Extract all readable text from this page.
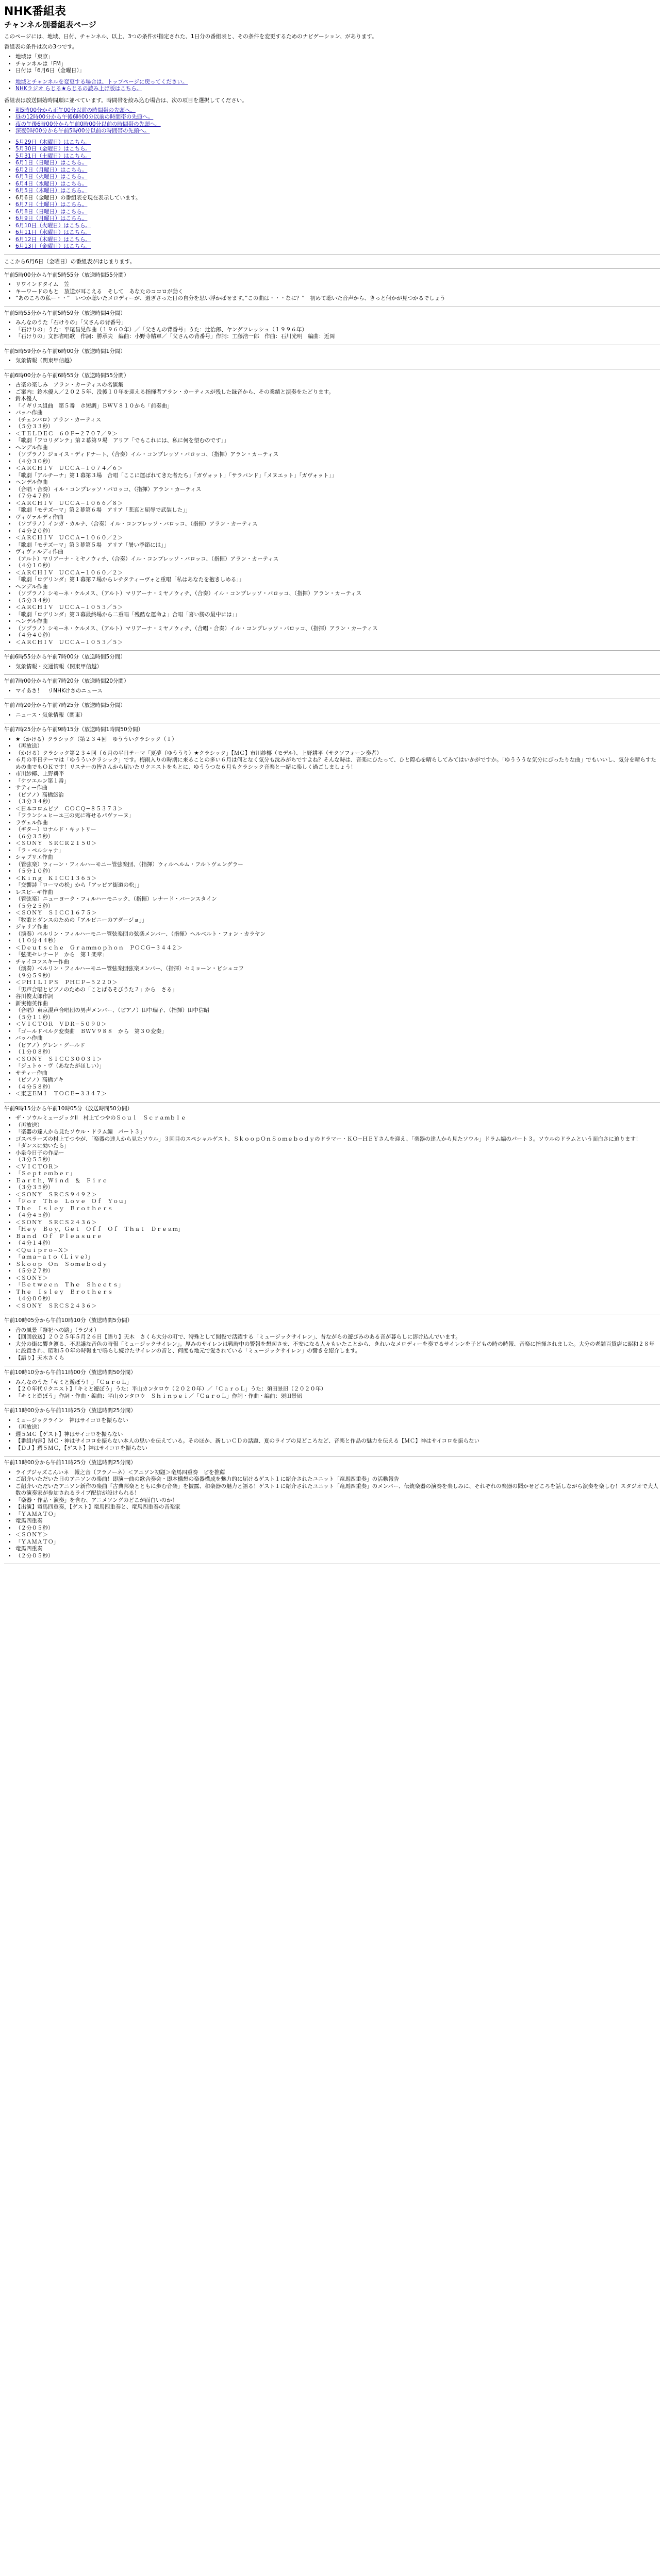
NHK番組表
チャンネル別番組表ページ

このページには、地域、日付、チャンネル、以上、3つの条件が指定された、1日分の番組表と、その条件を変更するためのナビゲーション、があります。

番組表の条件は次の3つです。

• 地域は「東京」
• チャンネルは「FM」
• 日付は「6月6日（金曜日）」
• 地域とチャンネルを変更する場合は、トップページに戻ってください。
• NHKラジオ らじる★らじるの読み上げ版はこちら。

番組表は放送開始時間順に並べています。時間帯を絞み込む場合は、次の項目を選択してください。

• 朝5時00分から正午00分以前の時間帯の先頭へ。
• 昼の12時00分から午後6時00分以前の時間帯の先頭へ。
• 夜の午後6時00分から午前0時00分以前の時間帯の先頭へ。
• 深夜0時00分から午前5時00分以前の時間帯の先頭へ。
• 5月29日（木曜日）はこちら。
• 5月30日（金曜日）はこちら。
• 5月31日（土曜日）はこちら。
• 6月1日（日曜日）はこちら。
• 6月2日（月曜日）はこちら。
• 6月3日（火曜日）はこちら。
• 6月4日（水曜日）はこちら。
• 6月5日（木曜日）はこちら。
• 6月6日（金曜日）の番組表を現在表示しています。
• 6月7日（土曜日）はこちら。
• 6月8日（日曜日）はこちら。
• 6月9日（月曜日）はこちら。
• 6月10日（火曜日）はこちら。
• 6月11日（水曜日）はこちら。
• 6月12日（木曜日）はこちら。
• 6月13日（金曜日）はこちら。

ここから6月6日（金曜日）の番組表がはじまります。

午前5時00分から午前5時55分（放送時間55分間）
• リワインドタイム　笠
• キーワードのもと　放送が耳こえる　そして　あなたのココロが動く
• “あのころの私ー・・”　いつか聴いたメロディーが、過ぎさった日の自分を思い浮かばせます。”この曲は・・・なに？”　初めて聴いた音声から、きっと何かが見つかるでしょう
午前5時55分から午前5時59分（放送時間4分間）
• みんなのうた「石けりの」「父さんの背番号」
• 「石けりの」うた：平尾昌晃作曲（１９６０年）／「父さんの背番号」うた：辻治郎、ヤングフレッシュ（１９９６年）
• 「石けりの」文部省唱歌　作詞：勝承夫　編曲：小野寺精軍／「父さんの背番号」作詞：工藤浩一郎　作曲：石川光明　編曲：近岡
午前5時59分から午前6時00分（放送時間1分間）
• 気象情報（関東甲信越）
午前6時00分から午前6時55分（放送時間55分間）
• 古楽の楽しみ　アラン・カーティスの名演集
• ご案内：鈴木優人／２０２５年、没後１０年を迎える指揮者アラン・カーティスが残した録音から、その業績と演奏をたどります。
• 鈴木優人
• 「イギリス組曲　第５番　ホ短調」ＢＷＶ８１０から「前奏曲」
• バッハ作曲
• （チェンバロ）アラン・カーティス
• （５分３３秒）
• ＜ＴＥＬＤＥＣ　６０Ｐ−２７０７／９＞
• 「歌劇「フロリダンテ」第２幕第９場　アリア「でもこれには、私に何を望むのです」」
• ヘンデル作曲
• （ソプラノ）ジョイス・ディドナート、（合奏）イル・コンプレッソ・バロッコ、（指揮）アラン・カーティス
• （４分３０秒）
• ＜ＡＲＣＨＩＶ　ＵＣＣＡ−１０７４／６＞
• 「歌劇「アルチーナ」第１幕第３場　合唱「ここに運ばれてきた者たち」「ガヴォット」「サラバンド」「メヌエット」「ガヴォット」」
• ヘンデル作曲
• （合唱・合奏）イル・コンプレッソ・バロッコ、（指揮）アラン・カーティス
• （７分４７秒）
• ＜ＡＲＣＨＩＶ　ＵＣＣＡ−１０６６／８＞
• 「歌劇「モテズーマ」第２幕第６場　アリア「悲哀と屈辱で武装した」」
• ヴィヴァルディ作曲
• （ソプラノ）インガ・カルナ、（合奏）イル・コンプレッソ・バロッコ、（指揮）アラン・カーティス
• （４分２０秒）
• ＜ＡＲＣＨＩＶ　ＵＣＣＡ−１０６０／２＞
• 「歌劇「モテズーマ」第３幕第５場　アリア「暑い季節には」」
• ヴィヴァルディ作曲
• （アルト）マリアーナ・ミヤノウィチ、（合奏）イル・コンプレッソ・バロッコ、（指揮）アラン・カーティス
• （４分１０秒）
• ＜ＡＲＣＨＩＶ　ＵＣＣＡ−１０６０／２＞
• 「歌劇「ロデリンダ」第１幕第７場からレチタティーヴォと重唱「私はあなたを抱きしめる」」
• ヘンデル作曲
• （ソプラノ）シモーネ・ケルメス、（アルト）マリアーナ・ミヤノウィチ、（合奏）イル・コンプレッソ・バロッコ、（指揮）アラン・カーティス
• （５分３４秒）
• ＜ＡＲＣＨＩＶ　ＵＣＣＡ−１０５３／５＞
• 「歌劇「ロデリンダ」第３幕最終場から二重唱「残酷な運命よ」合唱「喜い勝の最中には」」
• ヘンデル作曲
• （ソプラノ）シモーネ・ケルメス、（アルト）マリアーナ・ミヤノウィチ、（合唱・合奏）イル・コンプレッソ・バロッコ、（指揮）アラン・カーティス
• （４分４０秒）
• ＜ＡＲＣＨＩＶ　ＵＣＣＡ−１０５３／５＞
午前6時55分から午前7時00分（放送時間5分間）
• 気象情報・交通情報（関東甲信越）
午前7時00分から午前7時20分（放送時間20分間）
• マイあさ！　リNHKけさのニュース
午前7時20分から午前7時25分（放送時間5分間）
• ニュース・気象情報（関東）
午前7時25分から午前9時15分（放送時間1時間50分間）
• ★（かける）クラシック（第２３４回　ゆうういクラシック（１）
• （再放送）
• （かける）クラシック第２３４回（６月の平日テーマ「夏夢（ゆううり）★クラシック」【ＭＣ】市川紗椰（モデル）、上野耕平（サクソフォーン奏者）
• ６月の平日テーマは「ゆうういクラシック」です。梅雨入りの時期に来ることの多い６月は何となく気分も沈みがちですよね？そんな時は、音楽にひたって、ひと際心を晴らしてみてはいかがですか。「ゆうううな気分にぴったりな曲」でもいいし、気分を晴らすための曲でもＯＫです！リスナーの皆さんから届いたリクエストをもとに、ゆううつな６月もクラシック音楽と一緒に楽しく過ごしましょう！
• 市川紗椰、上野耕平
• 「ケツエルン第１番」
• サティー作曲
• （ピアノ）高橋悠治
• （３分３４秒）
• ＜日本コロムビア　ＣＯＣＱ−８５３７３＞
• 「フランシュヒーユ三の死に寄せるパヴァーヌ」
• ラヴェル作曲
• （ギター）ロナルド・キットリー
• （６分３５秒）
• ＜ＳＯＮＹ　ＳＲＣＲ２１５０＞
• 「ラ・ペルシャナ」
• シャブリエ作曲
• （管弦楽）ウィーン・フィルハーモニー管弦楽団、（指揮）ウィルヘルム・フルトヴェングラー
• （５分１０秒）
• ＜Ｋｉｎｇ　ＫＩＣＣ１３６５＞
• 「交響詩「ローマの松」から「アッピア街道の松」」
• レスピーギ作曲
• （管弦楽）ニューヨーク・フィルハーモニック、（指揮）レナード・バーンスタイン
• （５分２５秒）
• ＜ＳＯＮＹ　ＳＩＣＣ１６７５＞
• 「牧歌とダンスのための「アルピニーのアダージョ」」
• ジャリア作曲
• （演奏）ベルリン・フィルハーモニー管弦楽団の弦楽メンバー、（指揮）ヘルベルト・フォン・カラヤン
• （１０分４４秒）
• ＜Ｄｅｕｔｓｃｈｅ　Ｇｒａｍｍｏｐｈｏｎ　ＰＯＣＧ−３４４２＞
• 「弦楽セレナード　から　第１楽章」
• チャイコフスキー作曲
• （演奏）ベルリン・フィルハーモニー管弦楽団弦楽メンバー、（指揮）セミョーン・ビシュコフ
• （９分５９秒）
• ＜ＰＨＩＬＩＰＳ　ＰＨＣＰ−５２２０＞
• 「男声合唱とピアノのための「ことばあそびうた２」から　さる」
• 谷川俊太郎作詞
• 新実徳英作曲
• （合唱）東京混声合唱団の男声メンバー、（ピアノ）田中瑞子、（指揮）田中信昭
• （５分１１秒）
• ＜ＶＩＣＴＯＲ　ＶＤＲ−５０９０＞
• 「ゴールドベルク変奏曲　ＢＷＶ９８８　から　第３０変奏」
• バッハ作曲
• （ピアノ）グレン・グールド
• （１分０８秒）
• ＜ＳＯＮＹ　ＳＩＣＣ３００３１＞
• 「ジュトゥ・ヴ（あなたがほしい）」
• サティー作曲
• （ピアノ）高橋アキ
• （４分５８秒）
• ＜東芝ＥＭＩ　ＴＯＣＥ−３３４７＞
午前9時15分から午前10時05分（放送時間50分間）
• ザ・ソウルミュージックII　村上てつやのＳｏｕｌ　Ｓｃｒａｍｂｌｅ
• （再放送）
• 「楽器の達人から見たソウル・ドラム編　パート３」
• ゴスペラーズの村上てつやが、「楽器の達人から見たソウル」３回目のスペシャルゲスト、ＳｋｏｏｐＯｎＳｏｍｅｂｏｄｙのドラマー・ＫＯ−ＨＥＹさんを迎え、「楽器の達人から見たソウル」ドラム編のパート３。ソウルのドラムという面白さに迫ります！
• 「ダンスに効いたら」
• 小泉今日子の作品ー
• （３分５５秒）
• ＜ＶＩＣＴＯＲ＞
• 「Ｓｅｐｔｅｍｂｅｒ」
• Ｅａｒｔｈ，Ｗｉｎｄ　＆　Ｆｉｒｅ
• （３分３５秒）
• ＜ＳＯＮＹ　ＳＲＣＳ９４９２＞
• 「Ｆｏｒ　Ｔｈｅ　Ｌｏｖｅ　Ｏｆ　Ｙｏｕ」
• Ｔｈｅ　Ｉｓｌｅｙ　Ｂｒｏｔｈｅｒｓ
• （４分４５秒）
• ＜ＳＯＮＹ　ＳＲＣＳ２４３６＞
• 「Ｈｅｙ　Ｂｏｙ，Ｇｅｔ　Ｏｆｆ　Ｏｆ　Ｔｈａｔ　Ｄｒｅａｍ」
• Ｂａｎｄ　Ｏｆ　Ｐｌｅａｓｕｒｅ
• （４分１４秒）
• ＜Ｑｕｉｐｒｏ−Ｘ＞
• 「ａｍａ−ａｔｏ（Ｌｉｖｅ）」
• Ｓｋｏｏｐ　Ｏｎ　Ｓｏｍｅｂｏｄｙ
• （５分２７秒）
• ＜ＳＯＮＹ＞
• 「Ｂｅｔｗｅｅｎ　Ｔｈｅ　Ｓｈｅｅｔｓ」
• Ｔｈｅ　Ｉｓｌｅｙ　Ｂｒｏｔｈｅｒｓ
• （４分００秒）
• ＜ＳＯＮＹ　ＳＲＣＳ２４３６＞
午前10時05分から午前10時10分（放送時間5分間）
• 音の風景「祭祀への路」（ラジオ）
• 【回回放送】２０２５年５月２６日【語り】天木　さくら大分の町で、特殊として聞役で活躍する「ミュージックサイレン」、昔ながらの遊びみのある音が暮らしに溶け込んでいます。
• 大分の街に響き渡る、不思議な音色の時報「ミュージックサイレン」。厚みのサイレンは戦時中の警報を想起させ、不安になる人々もいたことから、きれいなメロディーを奏でるサイレンを子どもの時の時報、音楽に指揮されました。大分の老舗百貨店に昭和２８年に設置され、昭和５０年の時報まで鳴らし続けたサイレンの音と、何度も地元で愛されている「ミュージックサイレン」の響きを紹介します。
• 【語り】天木さくら
午前10時10分から午前11時00分（放送時間50分間）
• みんなのうた「キミと遊ぼう！」「ＣａｒｏＬ」
• 【２０年代リクエスト】「キミと遊ぼう」うた：平山カンタロウ（２０２０年）／「ＣａｒｏＬ」うた：須田景凪（２０２０年）
• 「キミと遊ぼう」作詞・作曲・編曲：平山カンタロウ　Ｓｈｉｎｐｅｉ／「ＣａｒｏＬ」作詞・作曲・編曲：須田景凪
午前11時00分から午前11時25分（放送時間25分間）
• ミュージックライン　神はサイコロを振らない
• （再放送）
• 週５ＭＣ【ゲスト】神はサイコロを振らない
• 【番組内容】ＭＣ・神はサイコロを振らない本人の思いを伝えている。そのほか、新しいＣＤの話題、夏のライブの見どころなど、音楽と作品の魅力を伝える【ＭＣ】神はサイコロを振らない
• 【ＤＪ】週５ＭＣ，【ゲスト】神はサイコロを振らない
午前11時00分から午前11時25分（放送時間25分間）
• ライブジャズこんいネ　報之音（フラノーネ）＜アニソン初題＞竜馬四重奏　ピを推薦
• ご紹介いただいた日のアニソンの楽曲！即演一曲の歌合奏会・即本構想の楽器構成を魅力的に届けるゲスト１に紹介されたユニット「竜馬四重奏」の活動報告
• ご紹介いただいたアニソン新作の楽曲「古典邦楽とともに歩む音楽」を披露、和楽器の魅力と語る！ゲスト１に紹介されたユニット「竜馬四重奏」のメンバー、伝統楽器の演奏を楽しみに、それぞれの楽器の聞かせどころを話しながら演奏を楽しむ！スタジオで大人数の演奏家が参加されるライブ配信が設けられる！
• 「楽器・作品・演奏」を含む、アニメソングのどこが面白いのか！
• 【出演】竜馬四重奏，【ゲスト】竜馬四重奏と、竜馬四重奏の音楽家
• 「ＹＡＭＡＴＯ」
• 竜馬四重奏
• （２分０５秒）
• ＜ＳＯＮＹ＞
• 「ＹＡＭＡＴＯ」
• 竜馬四重奏
• （２分０５秒）
